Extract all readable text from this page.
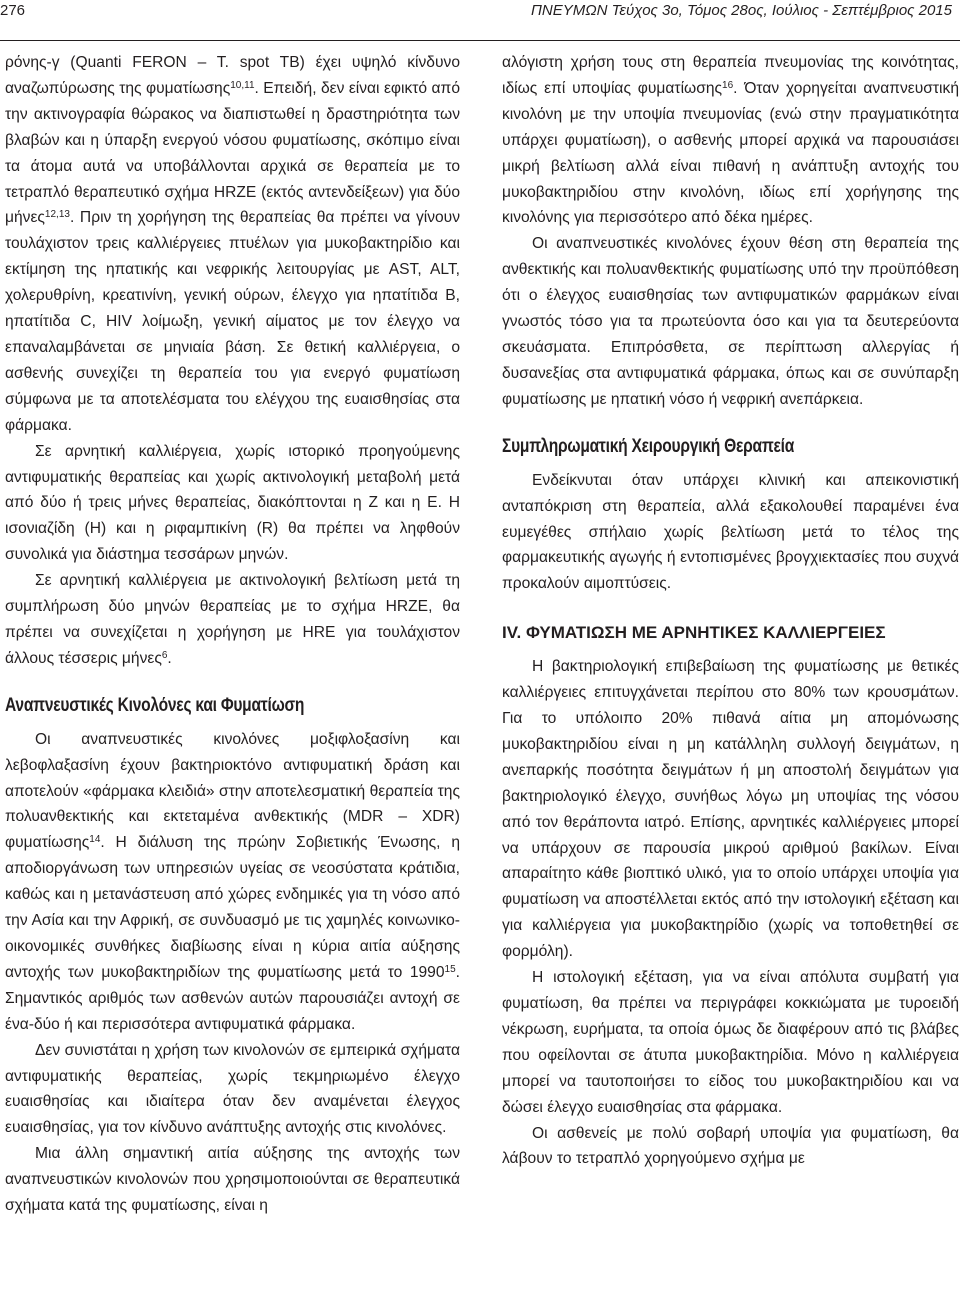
276	ΠΝΕΥΜΩΝ Τεύχος 3ο, Τόμος 28ος, Ιούλιος - Σεπτέμβριος 2015

ρόνης-γ (Quanti FERON – T. spot TB) έχει υψηλό κίνδυνο αναζωπύρωσης της φυματίωσης$^{10,11}$. Επειδή, δεν είναι εφικτό από την ακτινογραφία θώρακος να διαπιστωθεί η δραστηριότητα των βλαβών και η ύπαρξη ενεργού νόσου φυματίωσης, σκόπιμο είναι τα άτομα αυτά να υποβάλλονται αρχικά σε θεραπεία με το τετραπλό θεραπευτικό σχήμα HRZE (εκτός αντενδείξεων) για δύο μήνες$^{12,13}$. Πριν τη χορήγηση της θεραπείας θα πρέπει να γίνουν τουλάχιστον τρεις καλλιέργειες πτυέλων για μυκοβακτηρίδιο και εκτίμηση της ηπατικής και νεφρικής λειτουργίας με AST, ALT, χολερυθρίνη, κρεατινίνη, γενική ούρων, έλεγχο για ηπατίτιδα B, ηπατίτιδα C, HIV λοίμωξη, γενική αίματος με τον έλεγχο να επαναλαμβάνεται σε μηνιαία βάση. Σε θετική καλλιέργεια, ο ασθενής συνεχίζει τη θεραπεία του για ενεργό φυματίωση σύμφωνα με τα αποτελέσματα του ελέγχου της ευαισθησίας στα φάρμακα.

Σε αρνητική καλλιέργεια, χωρίς ιστορικό προηγούμενης αντιφυματικής θεραπείας και χωρίς ακτινολογική μεταβολή μετά από δύο ή τρεις μήνες θεραπείας, διακόπτονται η Z και η E. Η ισονιαζίδη (H) και η ριφαμπικίνη (R) θα πρέπει να ληφθούν συνολικά για διάστημα τεσσάρων μηνών.

Σε αρνητική καλλιέργεια με ακτινολογική βελτίωση μετά τη συμπλήρωση δύο μηνών θεραπείας με το σχήμα HRZE, θα πρέπει να συνεχίζεται η χορήγηση με HRE για τουλάχιστον άλλους τέσσερις μήνες$^6$.

Αναπνευστικές Κινολόνες και Φυματίωση

Οι αναπνευστικές κινολόνες μοξιφλοξασίνη και λεβοφλαξασίνη έχουν βακτηριοκτόνο αντιφυματική δράση και αποτελούν «φάρμακα κλειδιά» στην αποτελεσματική θεραπεία της πολυανθεκτικής και εκτεταμένα ανθεκτικής (MDR – XDR) φυματίωσης$^{14}$. Η διάλυση της πρώην Σοβιετικής Ένωσης, η αποδιοργάνωση των υπηρεσιών υγείας σε νεοσύστατα κράτιδια, καθώς και η μετανάστευση από χώρες ενδημικές για τη νόσο από την Ασία και την Αφρική, σε συνδυασμό με τις χαμηλές κοινωνικο-οικονομικές συνθήκες διαβίωσης είναι η κύρια αιτία αύξησης αντοχής των μυκοβακτηριδίων της φυματίωσης μετά το 1990$^{15}$. Σημαντικός αριθμός των ασθενών αυτών παρουσιάζει αντοχή σε ένα-δύο ή και περισσότερα αντιφυματικά φάρμακα.

Δεν συνιστάται η χρήση των κινολονών σε εμπειρικά σχήματα αντιφυματικής θεραπείας, χωρίς τεκμηριωμένο έλεγχο ευαισθησίας και ιδιαίτερα όταν δεν αναμένεται έλεγχος ευαισθησίας, για τον κίνδυνο ανάπτυξης αντοχής στις κινολόνες.

Μια άλλη σημαντική αιτία αύξησης της αντοχής των αναπνευστικών κινολονών που χρησιμοποιούνται σε θεραπευτικά σχήματα κατά της φυματίωσης, είναι η

αλόγιστη χρήση τους στη θεραπεία πνευμονίας της κοινότητας, ιδίως επί υποψίας φυματίωσης$^{16}$. Όταν χορηγείται αναπνευστική κινολόνη με την υποψία πνευμονίας (ενώ στην πραγματικότητα υπάρχει φυματίωση), ο ασθενής μπορεί αρχικά να παρουσιάσει μικρή βελτίωση αλλά είναι πιθανή η ανάπτυξη αντοχής του μυκοβακτηριδίου στην κινολόνη, ιδίως επί χορήγησης της κινολόνης για περισσότερο από δέκα ημέρες.

Οι αναπνευστικές κινολόνες έχουν θέση στη θεραπεία της ανθεκτικής και πολυανθεκτικής φυματίωσης υπό την προϋπόθεση ότι ο έλεγχος ευαισθησίας των αντιφυματικών φαρμάκων είναι γνωστός τόσο για τα πρωτεύοντα όσο και για τα δευτερεύοντα σκευάσματα. Επιπρόσθετα, σε περίπτωση αλλεργίας ή δυσανεξίας στα αντιφυματικά φάρμακα, όπως και σε συνύπαρξη φυματίωσης με ηπατική νόσο ή νεφρική ανεπάρκεια.

Συμπληρωματική Χειρουργική Θεραπεία

Ενδείκνυται όταν υπάρχει κλινική και απεικονιστική ανταπόκριση στη θεραπεία, αλλά εξακολουθεί παραμένει ένα ευμεγέθες σπήλαιο χωρίς βελτίωση μετά το τέλος της φαρμακευτικής αγωγής ή εντοπισμένες βρογχιεκτασίες που συχνά προκαλούν αιμοπτύσεις.

IV. ΦΥΜΑΤΙΩΣΗ ΜΕ ΑΡΝΗΤΙΚΕΣ ΚΑΛΛΙΕΡΓΕΙΕΣ

Η βακτηριολογική επιβεβαίωση της φυματίωσης με θετικές καλλιέργειες επιτυγχάνεται περίπου στο 80% των κρουσμάτων. Για το υπόλοιπο 20% πιθανά αίτια μη απομόνωσης μυκοβακτηριδίου είναι η μη κατάλληλη συλλογή δειγμάτων, η ανεπαρκής ποσότητα δειγμάτων ή μη αποστολή δειγμάτων για βακτηριολογικό έλεγχο, συνήθως λόγω μη υποψίας της νόσου από τον θεράποντα ιατρό. Επίσης, αρνητικές καλλιέργειες μπορεί να υπάρχουν σε παρουσία μικρού αριθμού βακίλων. Είναι απαραίτητο κάθε βιοπτικό υλικό, για το οποίο υπάρχει υποψία για φυματίωση να αποστέλλεται εκτός από την ιστολογική εξέταση και για καλλιέργεια για μυκοβακτηρίδιο (χωρίς να τοποθετηθεί σε φορμόλη).

Η ιστολογική εξέταση, για να είναι απόλυτα συμβατή για φυματίωση, θα πρέπει να περιγράφει κοκκιώματα με τυροειδή νέκρωση, ευρήματα, τα οποία όμως δε διαφέρουν από τις βλάβες που οφείλονται σε άτυπα μυκοβακτηρίδια. Μόνο η καλλιέργεια μπορεί να ταυτοποιήσει το είδος του μυκοβακτηριδίου και να δώσει έλεγχο ευαισθησίας στα φάρμακα.

Οι ασθενείς με πολύ σοβαρή υποψία για φυματίωση, θα λάβουν το τετραπλό χορηγούμενο σχήμα με
